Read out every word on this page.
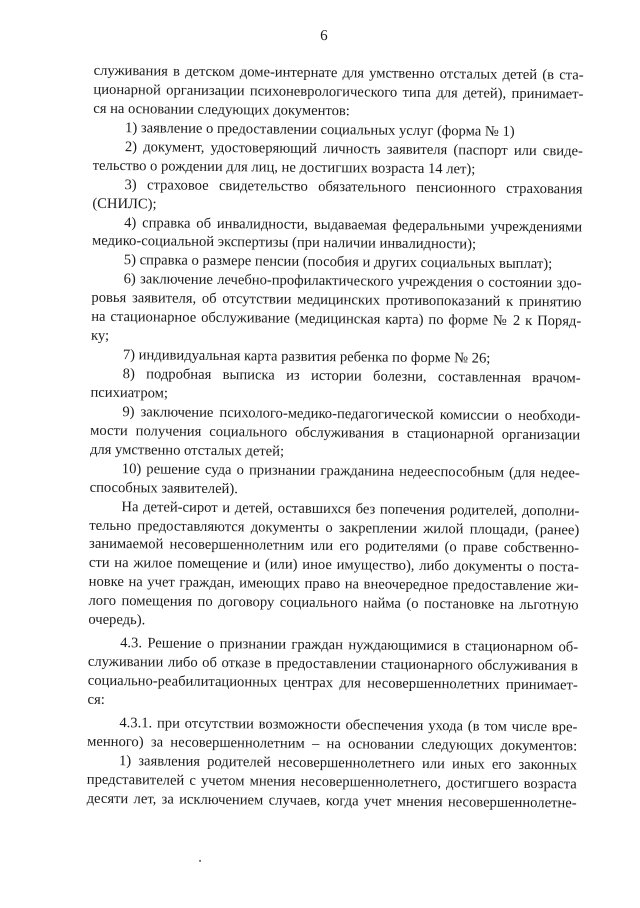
6
служивания в детском доме-интернате для умственно отсталых детей (в ста-
ционарной организации психоневрологического типа для детей), принимает-
ся на основании следующих документов:
1) заявление о предоставлении социальных услуг (форма № 1)
2) документ, удостоверяющий личность заявителя (паспорт или свиде-
тельство о рождении для лиц, не достигших возраста 14 лет);
3) страховое свидетельство обязательного пенсионного страхования
(СНИЛС);
4) справка об инвалидности, выдаваемая федеральными учреждениями
медико-социальной экспертизы (при наличии инвалидности);
5) справка о размере пенсии (пособия и других социальных выплат);
6) заключение лечебно-профилактического учреждения о состоянии здо-
ровья заявителя, об отсутствии медицинских противопоказаний к принятию
на стационарное обслуживание (медицинская карта) по форме № 2 к Поряд-
ку;
7) индивидуальная карта развития ребенка по форме № 26;
8) подробная выписка из истории болезни, составленная врачом-
психиатром;
9) заключение психолого-медико-педагогической комиссии о необходи-
мости получения социального обслуживания в стационарной организации
для умственно отсталых детей;
10) решение суда о признании гражданина недееспособным (для недее-
способных заявителей).
На детей-сирот и детей, оставшихся без попечения родителей, дополни-
тельно предоставляются документы о закреплении жилой площади, (ранее)
занимаемой несовершеннолетним или его родителями (о праве собственно-
сти на жилое помещение и (или) иное имущество), либо документы о поста-
новке на учет граждан, имеющих право на внеочередное предоставление жи-
лого помещения по договору социального найма (о постановке на льготную
очередь).
4.3. Решение о признании граждан нуждающимися в стационарном об-
служивании либо об отказе в предоставлении стационарного обслуживания в
социально-реабилитационных центрах для несовершеннолетних принимает-
ся:
4.3.1. при отсутствии возможности обеспечения ухода (в том числе вре-
менного) за несовершеннолетним – на основании следующих документов:
1) заявления родителей несовершеннолетнего или иных его законных
представителей с учетом мнения несовершеннолетнего, достигшего возраста
десяти лет, за исключением случаев, когда учет мнения несовершеннолетне-
